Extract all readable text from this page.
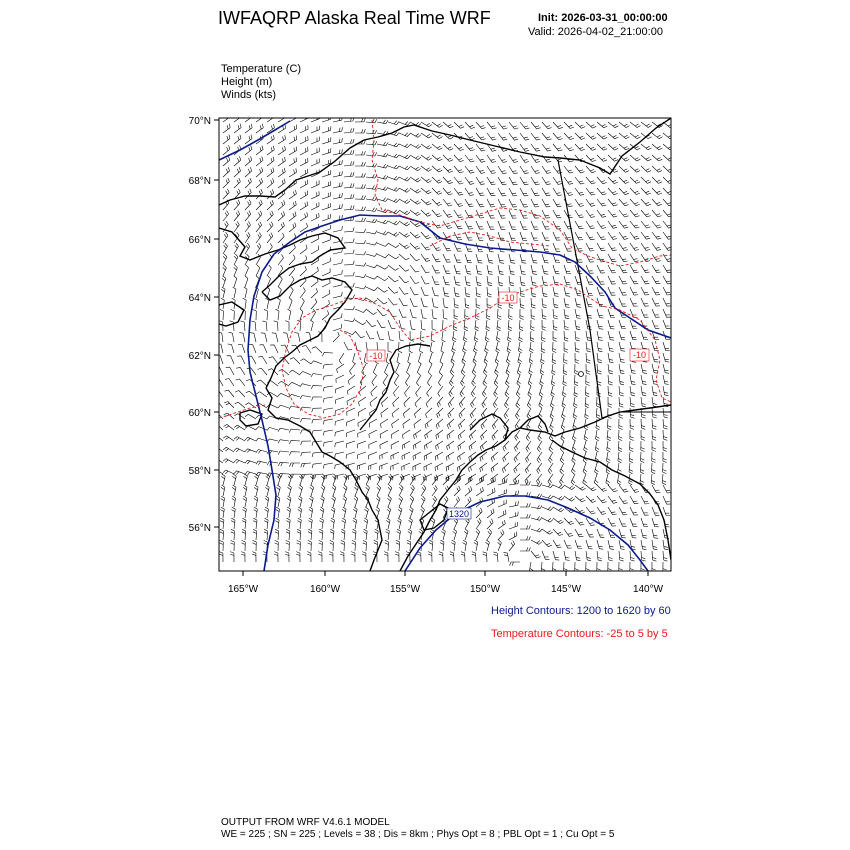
IWFAQRP Alaska Real Time WRF	Init: 2026-03-31_00:00:00
Valid: 2026-04-02_21:00:00
Temperature (C)
Height (m)
Winds (kts)
-10
-10
-10
1320
70°N
68°N
66°N
64°N
62°N
60°N
58°N
56°N
165°W	160°W	155°W	150°W	145°W	140°W
Height Contours: 1200 to 1620 by 60
Temperature Contours: -25 to 5 by 5
OUTPUT FROM WRF V4.6.1 MODEL
WE = 225 ; SN = 225 ; Levels = 38 ; Dis = 8km ; Phys Opt = 8 ; PBL Opt = 1 ; Cu Opt = 5
